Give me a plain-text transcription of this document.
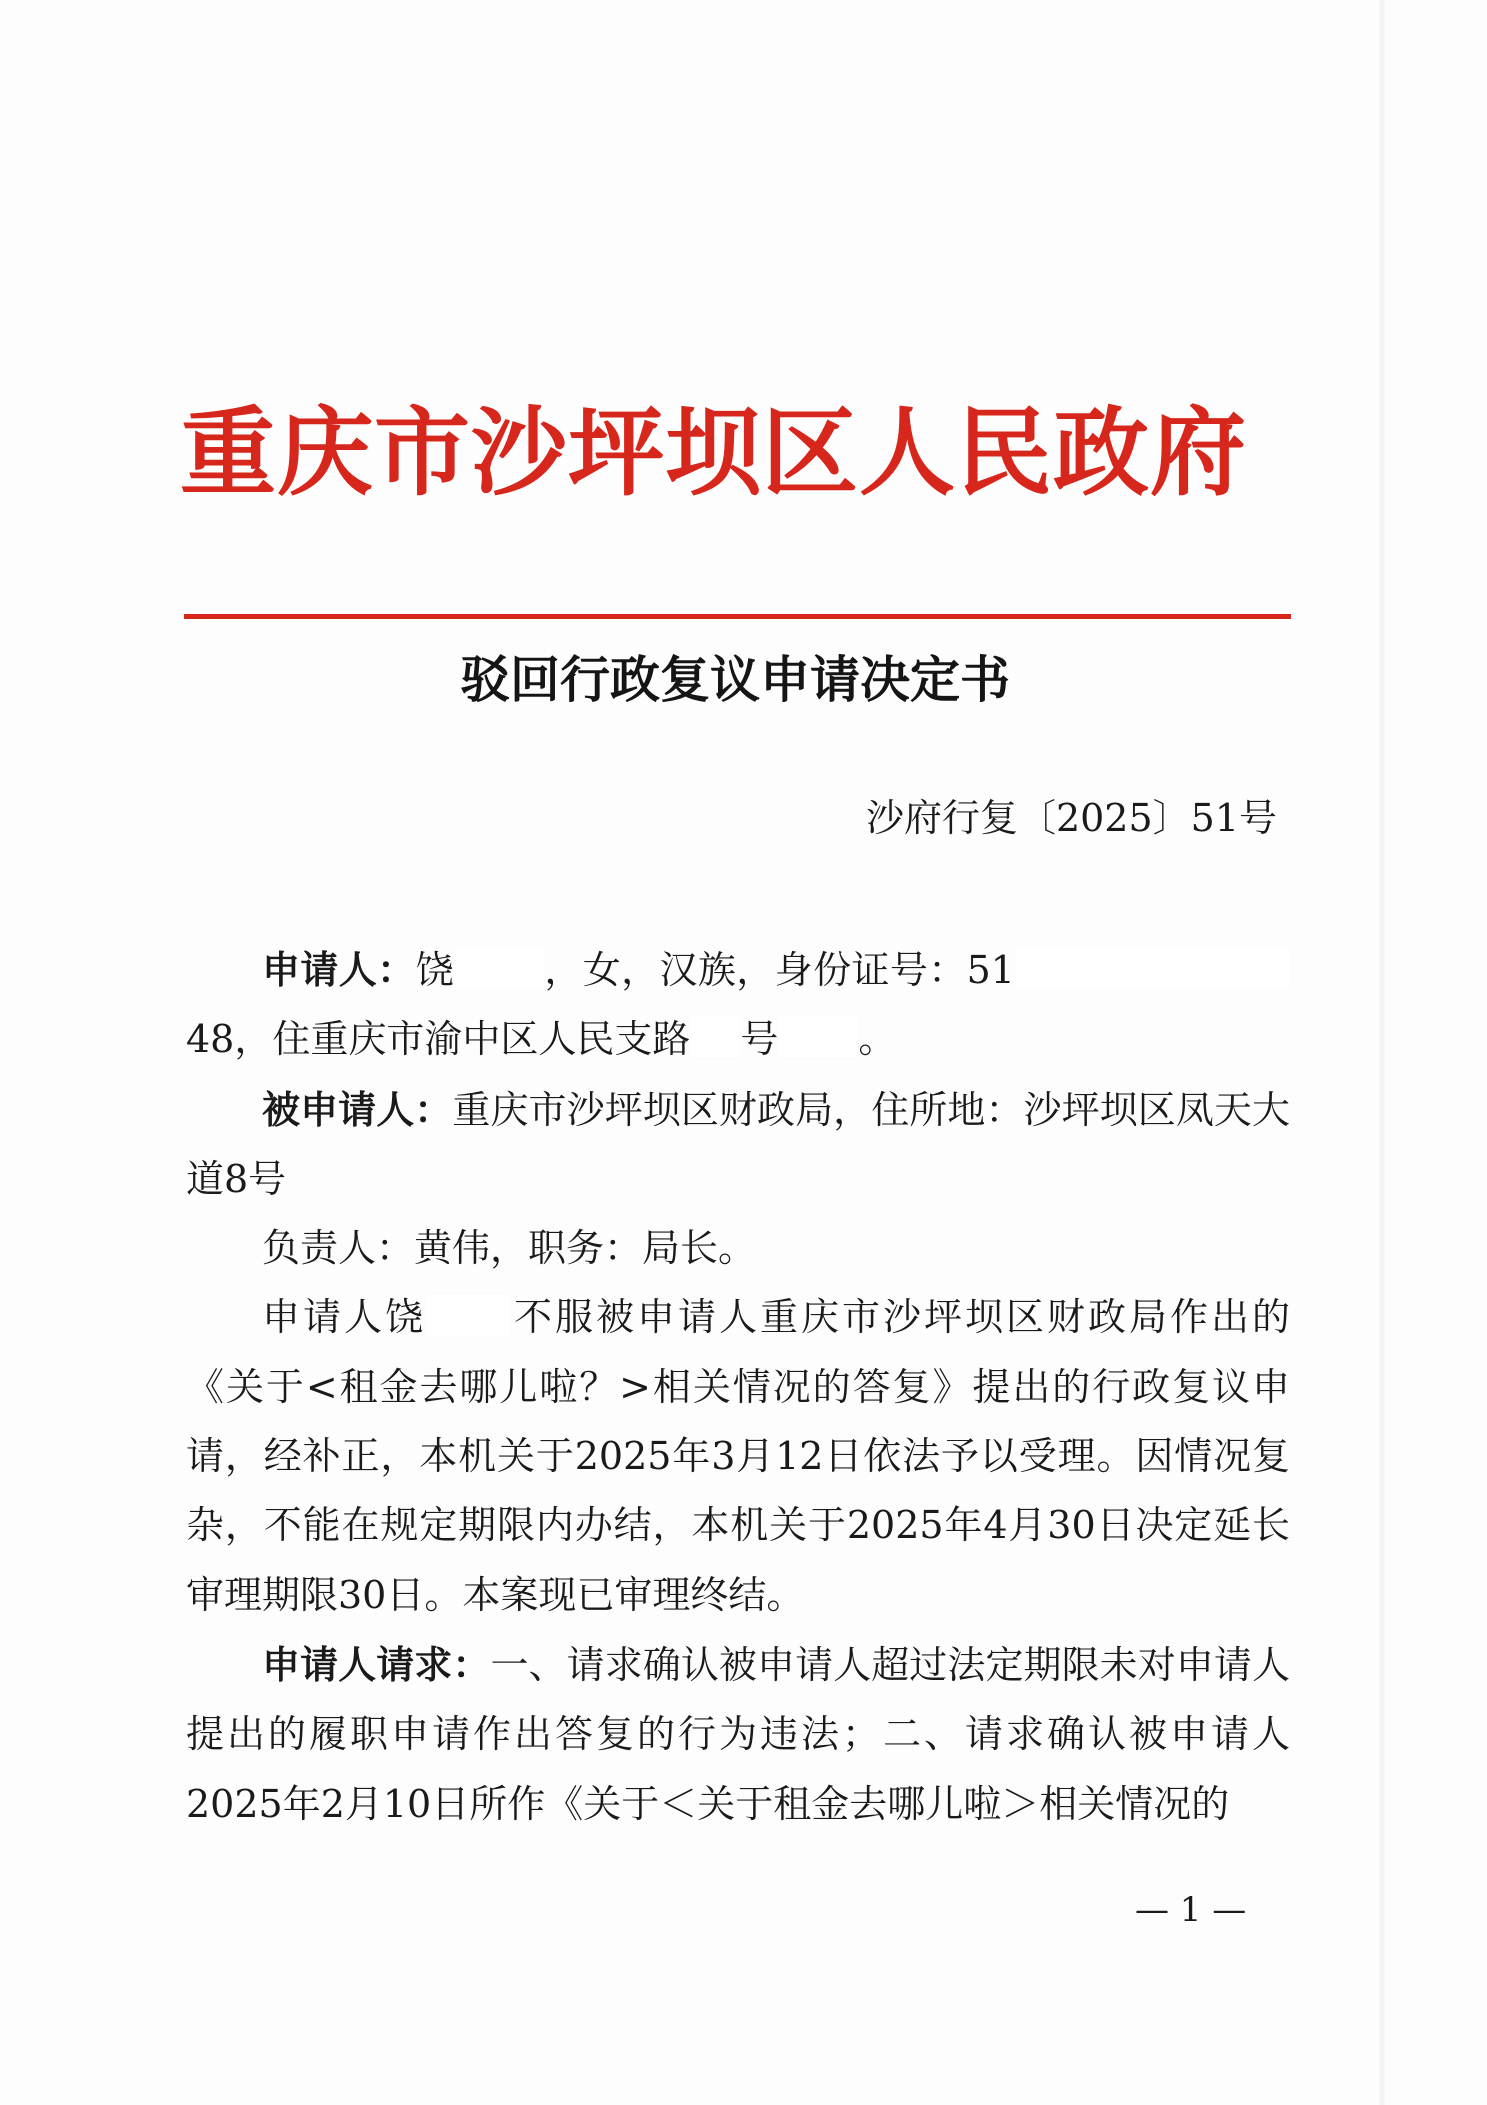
重庆市沙坪坝区人民政府
驳回行政复议申请决定书
沙府行复〔2025〕51号

申请人：饶 ，女，汉族，身份证号：5148，住重庆市渝中区人民支路 号 。

被申请人：重庆市沙坪坝区财政局，住所地：沙坪坝区凤天大道8号

负责人：黄伟，职务：局长。

申请人饶 不服被申请人重庆市沙坪坝区财政局作出的《关于<租金去哪儿啦？>相关情况的答复》提出的行政复议申请，经补正，本机关于2025年3月12日依法予以受理。因情况复杂，不能在规定期限内办结，本机关于2025年4月30日决定延长审理期限30日。本案现已审理终结。

申请人请求：一、请求确认被申请人超过法定期限未对申请人提出的履职申请作出答复的行为违法；二、请求确认被申请人2025年2月10日所作《关于＜关于租金去哪儿啦＞相关情况的

— 1 —
